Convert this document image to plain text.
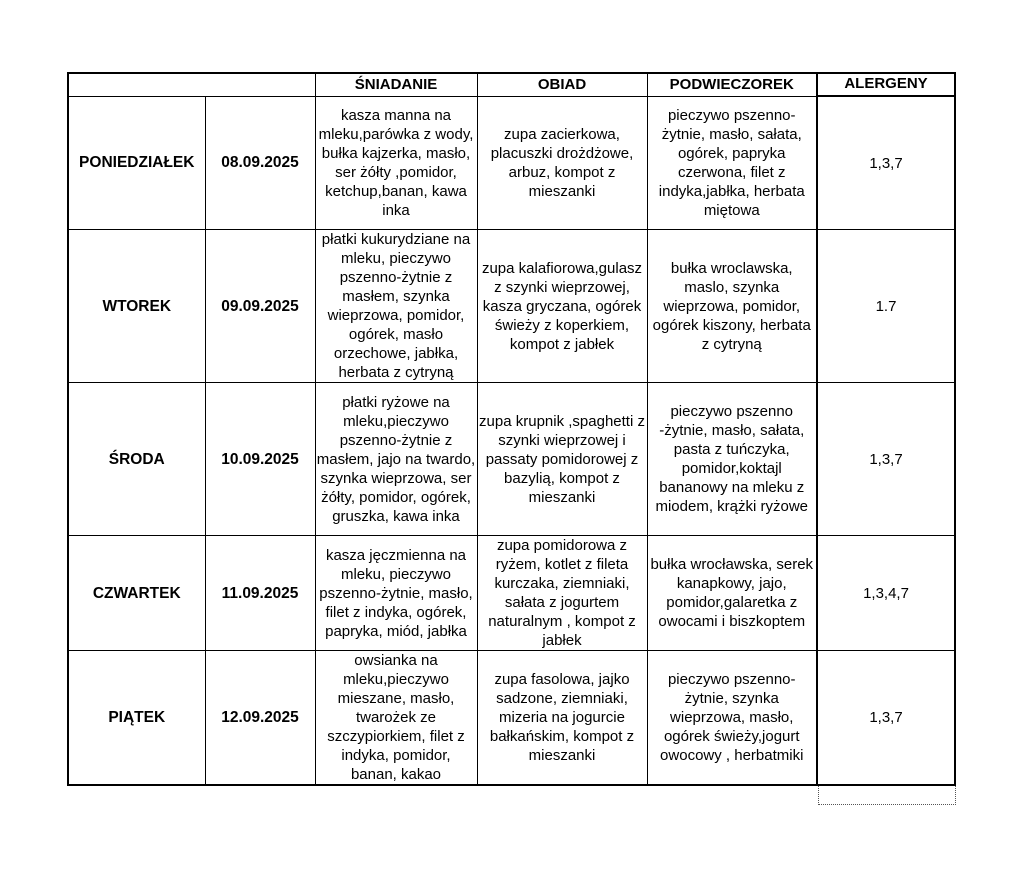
		ŚNIADANIE	OBIAD	PODWIECZOREK	ALERGENY
PONIEDZIAŁEK	08.09.2025	kasza manna na mleku,parówka z wody, bułka kajzerka, masło, ser żółty ,pomidor, ketchup,banan, kawa inka	zupa zacierkowa, placuszki drożdżowe, arbuz, kompot z mieszanki	pieczywo pszenno-żytnie, masło, sałata, ogórek, papryka czerwona, filet z indyka,jabłka, herbata miętowa	1,3,7
WTOREK	09.09.2025	płatki kukurydziane na mleku, pieczywo pszenno-żytnie z masłem, szynka wieprzowa, pomidor, ogórek, masło orzechowe, jabłka, herbata z cytryną	zupa kalafiorowa,gulasz z szynki wieprzowej, kasza gryczana, ogórek świeży z koperkiem, kompot z jabłek	bułka wroclawska, maslo, szynka wieprzowa, pomidor, ogórek kiszony, herbata z cytryną	1.7
ŚRODA	10.09.2025	płatki ryżowe na mleku,pieczywo pszenno-żytnie z masłem, jajo na twardo, szynka wieprzowa, ser żółty, pomidor, ogórek, gruszka, kawa inka	zupa krupnik ,spaghetti z szynki wieprzowej i passaty pomidorowej z bazylią, kompot z mieszanki	pieczywo pszenno -żytnie, masło, sałata, pasta z tuńczyka, pomidor,koktajl bananowy na mleku z miodem, krążki ryżowe	1,3,7
CZWARTEK	11.09.2025	kasza jęczmienna na mleku, pieczywo pszenno-żytnie, masło, filet z indyka, ogórek, papryka, miód, jabłka	zupa pomidorowa z ryżem, kotlet z fileta kurczaka, ziemniaki, sałata z jogurtem naturalnym , kompot z jabłek	bułka wrocławska, serek kanapkowy, jajo, pomidor,galaretka z owocami i biszkoptem	1,3,4,7
PIĄTEK	12.09.2025	owsianka na mleku,pieczywo mieszane, masło, twarożek ze szczypiorkiem, filet z indyka, pomidor, banan, kakao	zupa fasolowa, jajko sadzone, ziemniaki, mizeria na jogurcie bałkańskim, kompot z mieszanki	pieczywo pszenno-żytnie, szynka wieprzowa, masło, ogórek świeży,jogurt owocowy , herbatmiki	1,3,7
